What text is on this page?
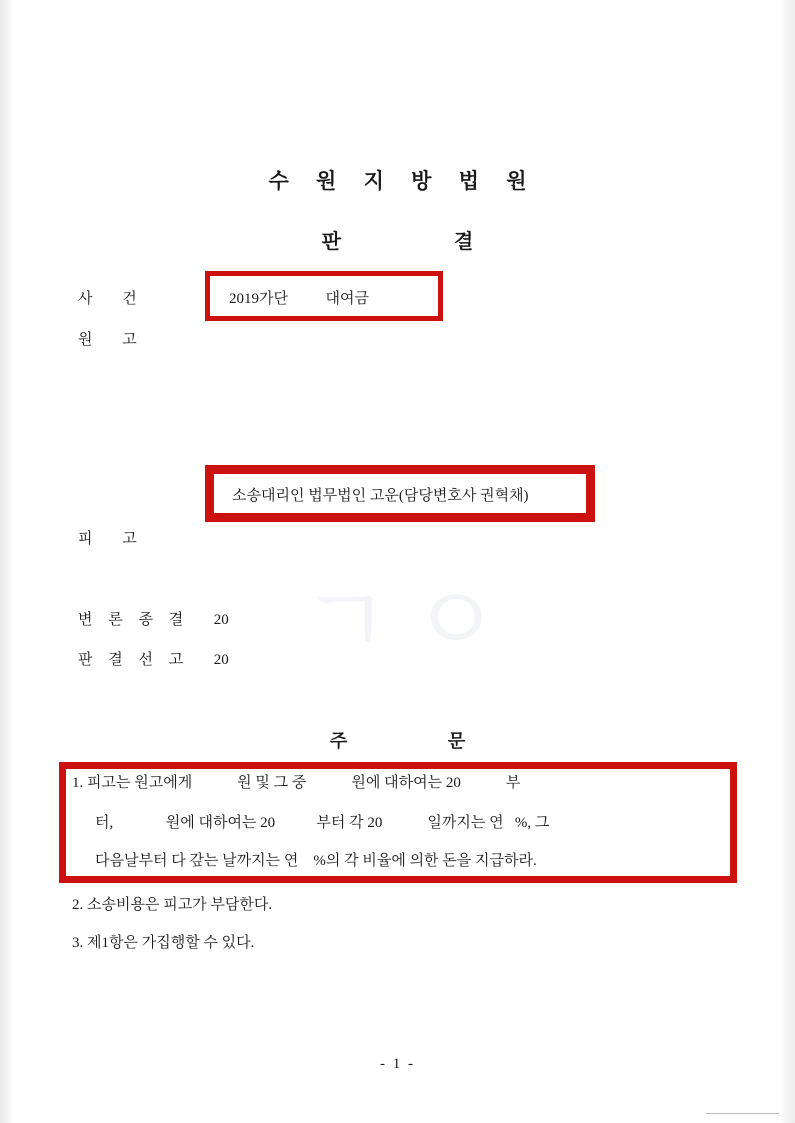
ㄱㅇ
수 원 지 방 법 원
판 결
사 건	2019가단          대여금
원 고
소송대리인 법무법인 고운(담당변호사 권혁채)
피 고
변 론 종 결 20
판 결 선 고 20
주 문
1. 피고는 원고에게            원 및 그 중            원에 대하여는 20            부
터,              원에 대하여는 20           부터 각 20            일까지는 연   %, 그
다음날부터 다 갚는 날까지는 연    %의 각 비율에 의한 돈을 지급하라.
2. 소송비용은 피고가 부담한다.
3. 제1항은 가집행할 수 있다.
- 1 -
